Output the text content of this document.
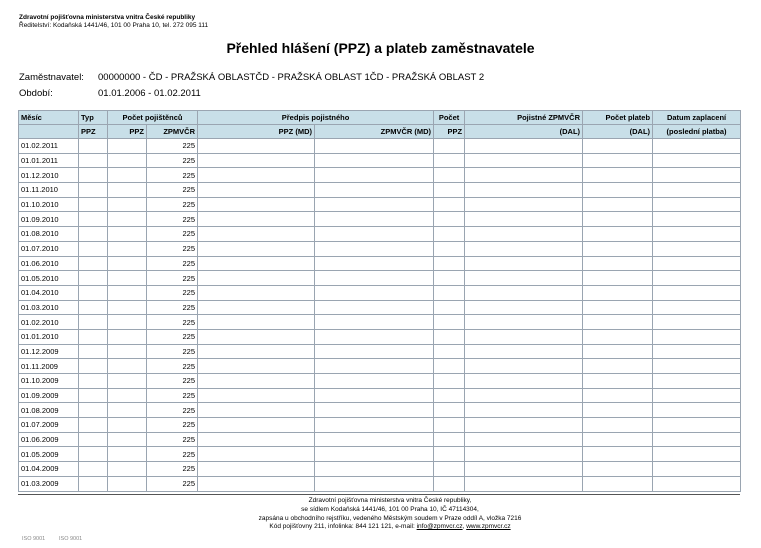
Zdravotní pojišťovna ministerstva vnitra České republiky
Ředitelství: Kodaňská 1441/46, 101 00 Praha 10, tel. 272 095 111
Přehled hlášení (PPZ) a plateb zaměstnavatele
Zaměstnavatel: 00000000 - ČD - PRAŽSKÁ OBLASTČD - PRAŽSKÁ OBLAST 1ČD - PRAŽSKÁ OBLAST 2
Období:	01.01.2006 - 01.02.2011
Měsíc	Typ	Počet pojištěnců		Předpis pojistného		Počet	Pojistné ZPMVČR	Počet plateb	Datum zaplacení
	PPZ	PPZ	ZPMVČR	PPZ (MD)	ZPMVČR (MD)	PPZ	(DAL)	(DAL)	(poslední platba)
01.02.2011			225						
01.01.2011			225						
01.12.2010			225						
01.11.2010			225						
01.10.2010			225						
01.09.2010			225						
01.08.2010			225						
01.07.2010			225						
01.06.2010			225						
01.05.2010			225						
01.04.2010			225						
01.03.2010			225						
01.02.2010			225						
01.01.2010			225						
01.12.2009			225						
01.11.2009			225						
01.10.2009			225						
01.09.2009			225						
01.08.2009			225						
01.07.2009			225						
01.06.2009			225						
01.05.2009			225						
01.04.2009			225						
01.03.2009			225						
Zdravotní pojišťovna ministerstva vnitra České republiky,
se sídlem Kodaňská 1441/46, 101 00 Praha 10, IČ 47114304,
zapsána u obchodního rejstříku, vedeného Městským soudem v Praze oddíl A, vložka 7216
Kód pojišťovny 211, infolinka: 844 121 121, e-mail: info@zpmvcr.cz, www.zpmvcr.cz
ISO 9001	ISO 9001
